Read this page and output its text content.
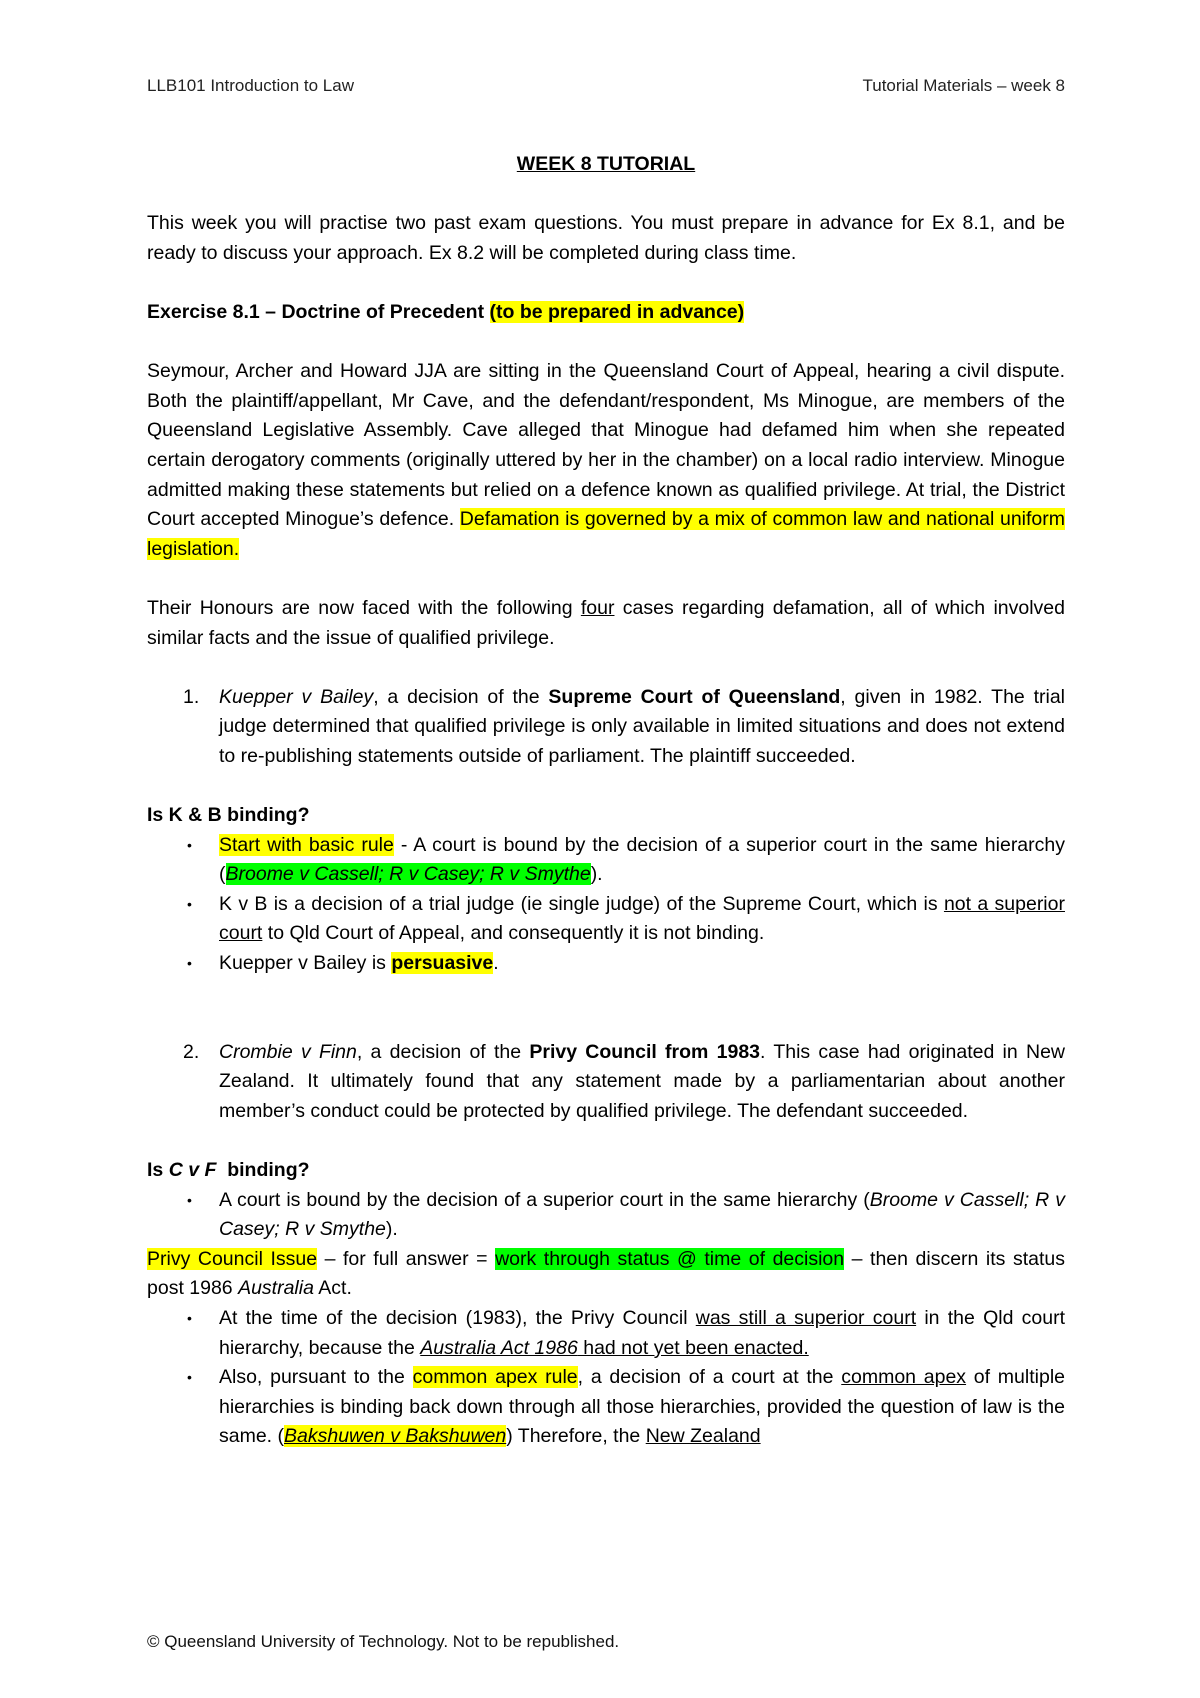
LLB101 Introduction to Law	Tutorial Materials – week 8

WEEK 8 TUTORIAL

This week you will practise two past exam questions. You must prepare in advance for Ex 8.1, and be ready to discuss your approach. Ex 8.2 will be completed during class time.

Exercise 8.1 – Doctrine of Precedent (to be prepared in advance)

Seymour, Archer and Howard JJA are sitting in the Queensland Court of Appeal, hearing a civil dispute. Both the plaintiff/appellant, Mr Cave, and the defendant/respondent, Ms Minogue, are members of the Queensland Legislative Assembly. Cave alleged that Minogue had defamed him when she repeated certain derogatory comments (originally uttered by her in the chamber) on a local radio interview. Minogue admitted making these statements but relied on a defence known as qualified privilege. At trial, the District Court accepted Minogue’s defence. Defamation is governed by a mix of common law and national uniform legislation.

Their Honours are now faced with the following four cases regarding defamation, all of which involved similar facts and the issue of qualified privilege.

1. Kuepper v Bailey, a decision of the Supreme Court of Queensland, given in 1982. The trial judge determined that qualified privilege is only available in limited situations and does not extend to re-publishing statements outside of parliament. The plaintiff succeeded.

Is K & B binding?

• Start with basic rule - A court is bound by the decision of a superior court in the same hierarchy (Broome v Cassell; R v Casey; R v Smythe).
• K v B is a decision of a trial judge (ie single judge) of the Supreme Court, which is not a superior court to Qld Court of Appeal, and consequently it is not binding.
• Kuepper v Bailey is persuasive.
2. Crombie v Finn, a decision of the Privy Council from 1983. This case had originated in New Zealand. It ultimately found that any statement made by a parliamentarian about another member’s conduct could be protected by qualified privilege. The defendant succeeded.

Is C v F  binding?

• A court is bound by the decision of a superior court in the same hierarchy (Broome v Cassell; R v Casey; R v Smythe).

Privy Council Issue – for full answer = work through status @ time of decision – then discern its status post 1986 Australia Act.

• At the time of the decision (1983), the Privy Council was still a superior court in the Qld court hierarchy, because the Australia Act 1986 had not yet been enacted.
• Also, pursuant to the common apex rule, a decision of a court at the common apex of multiple hierarchies is binding back down through all those hierarchies, provided the question of law is the same. (Bakshuwen v Bakshuwen) Therefore, the New Zealand
© Queensland University of Technology. Not to be republished.
